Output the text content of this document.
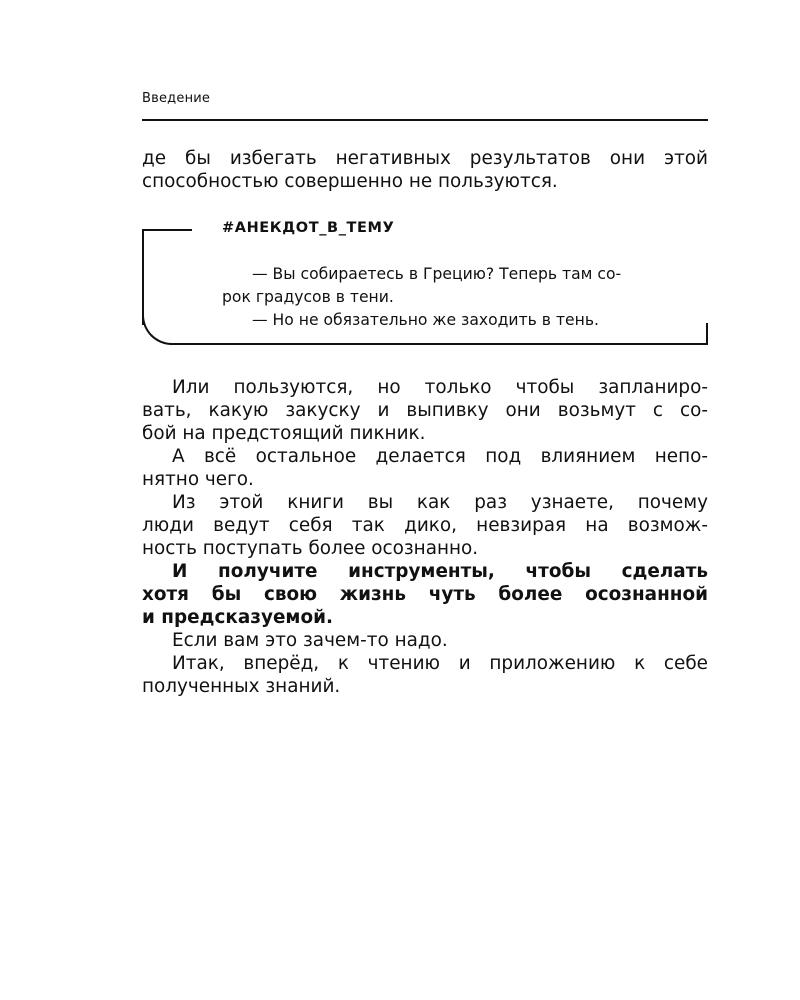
Введение

де бы избегать негативных результатов они этой

способностью совершенно не пользуются.

#АНЕКДОТ_В_ТЕМУ

— Вы собираетесь в Грецию? Теперь там со-

рок градусов в тени.

— Но не обязательно же заходить в тень.

Или пользуются, но только чтобы запланиро-

вать, какую закуску и выпивку они возьмут с со-

бой на предстоящий пикник.

А всё остальное делается под влиянием непо-

нятно чего.

Из этой книги вы как раз узнаете, почему

люди ведут себя так дико, невзирая на возмож-

ность поступать более осознанно.

И получите инструменты, чтобы сделать

хотя бы свою жизнь чуть более осознанной

и предсказуемой.

Если вам это зачем-то надо.

Итак, вперёд, к чтению и приложению к себе

полученных знаний.
